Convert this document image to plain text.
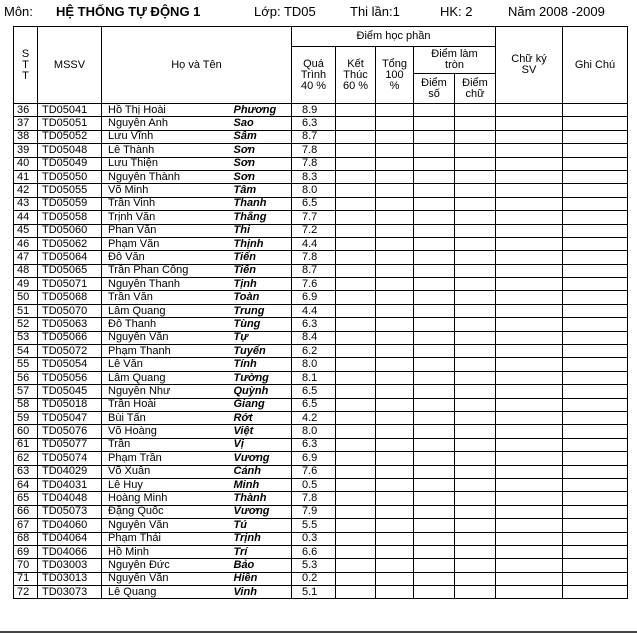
Môn: HỆ THỐNG TỰ ĐỘNG 1	Lớp: TD05	Thi lần:1	HK: 2	Năm 2008 -2009
STT	MSSV	Họ và Tên		Điểm học phần					Chữ ký SV	Ghi Chú
				Quá Trình 40 %	Kết Thúc 60 %	Tổng 100 %	Điểm làm tròn			
							Điểm số	Điểm chữ		
36	TD05041	Hồ Thị Hoài	Phương	8.9						
37	TD05051	Nguyễn Anh	Sao	6.3						
38	TD05052	Lưu Vĩnh	Sâm	8.7						
39	TD05048	Lê Thành	Sơn	7.8						
40	TD05049	Lưu Thiện	Sơn	7.8						
41	TD05050	Nguyễn Thành	Sơn	8.3						
42	TD05055	Võ Minh	Tâm	8.0						
43	TD05059	Trần Vinh	Thanh	6.5						
44	TD05058	Trịnh Văn	Thắng	7.7						
45	TD05060	Phan Văn	Thi	7.2						
46	TD05062	Phạm Văn	Thịnh	4.4						
47	TD05064	Đỗ Văn	Tiến	7.8						
48	TD05065	Trần Phan Công	Tiến	8.7						
49	TD05071	Nguyễn Thanh	Tịnh	7.6						
50	TD05068	Trần Văn	Toàn	6.9						
51	TD05070	Lâm Quang	Trung	4.4						
52	TD05063	Đỗ Thanh	Tùng	6.3						
53	TD05066	Nguyễn Văn	Tự	8.4						
54	TD05072	Phạm Thanh	Tuyến	6.2						
55	TD05054	Lê Văn	Tính	8.0						
56	TD05056	Lâm Quang	Tường	8.1						
57	TD05045	Nguyễn Như	Quỳnh	6.5						
58	TD05018	Trần Hoài	Giang	6.5						
59	TD05047	Bùi Tấn	Rớt	4.2						
60	TD05076	Võ Hoàng	Việt	8.0						
61	TD05077	Trần	Vị	6.3						
62	TD05074	Phạm Trần	Vương	6.9						
63	TD04029	Võ Xuân	Cảnh	7.6						
64	TD04031	Lê Huy	Minh	0.5						
65	TD04048	Hoàng Minh	Thành	7.8						
66	TD05073	Đặng Quốc	Vương	7.9						
67	TD04060	Nguyễn Văn	Tú	5.5						
68	TD04064	Phạm Thái	Trịnh	0.3						
69	TD04066	Hồ Minh	Trí	6.6						
70	TD03003	Nguyễn Đức	Bảo	5.3						
71	TD03013	Nguyễn Văn	Hiền	0.2						
72	TD03073	Lê Quang	Vinh	5.1						
